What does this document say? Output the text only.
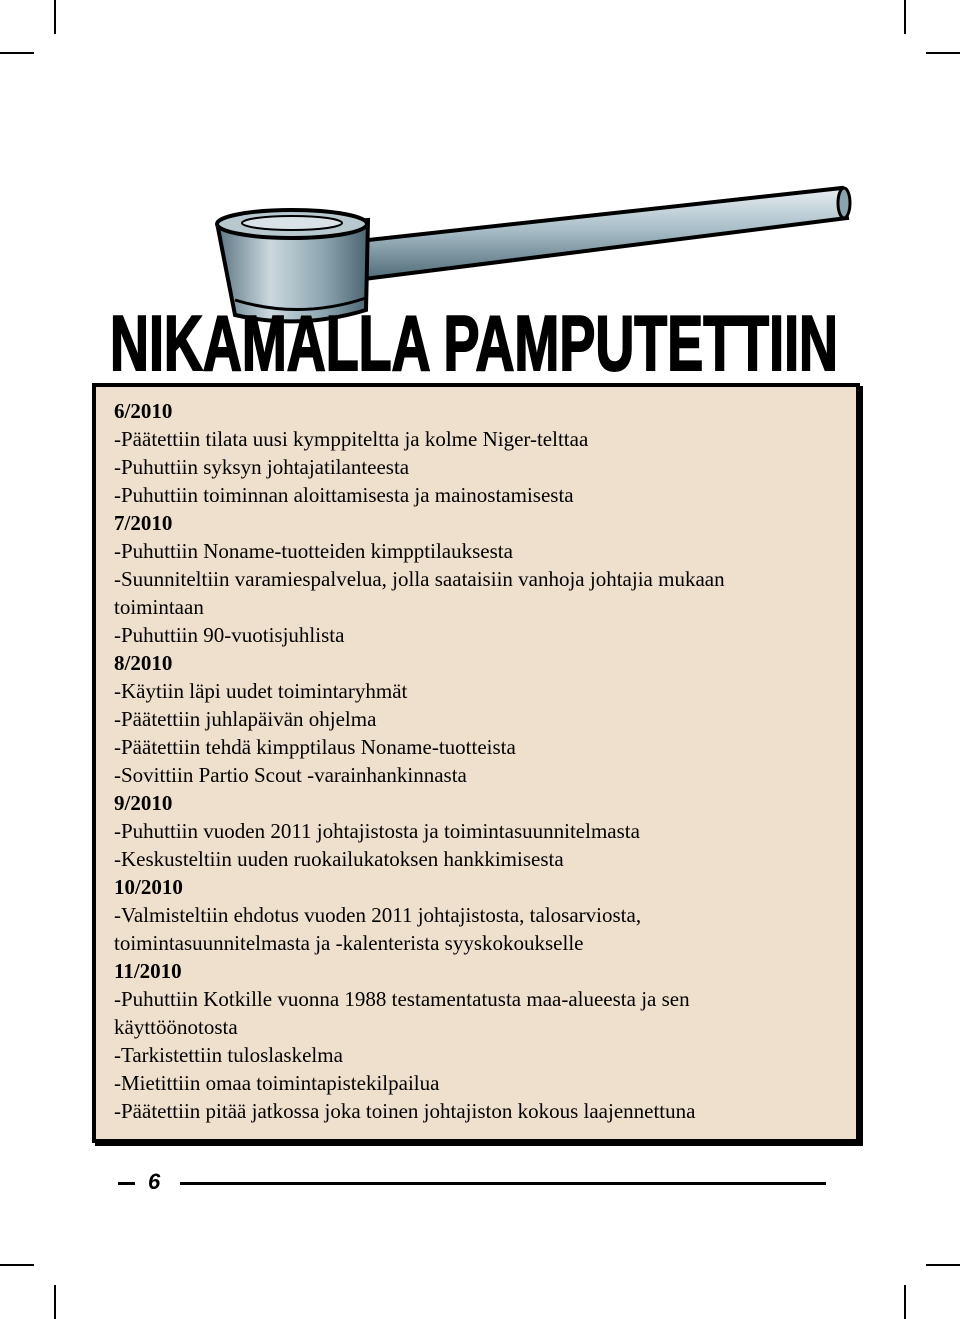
NIKAMALLA PAMPUTETTIIN
6/2010
-Päätettiin tilata uusi kymppiteltta ja kolme Niger-telttaa
-Puhuttiin syksyn johtajatilanteesta
-Puhuttiin toiminnan aloittamisesta ja mainostamisesta
7/2010
-Puhuttiin Noname-tuotteiden kimpptilauksesta
-Suunniteltiin varamiespalvelua, jolla saataisiin vanhoja johtajia mukaan
toimintaan
-Puhuttiin 90-vuotisjuhlista
8/2010
-Käytiin läpi uudet toimintaryhmät
-Päätettiin juhlapäivän ohjelma
-Päätettiin tehdä kimpptilaus Noname-tuotteista
-Sovittiin Partio Scout -varainhankinnasta
9/2010
-Puhuttiin vuoden 2011 johtajistosta ja toimintasuunnitelmasta
-Keskusteltiin uuden ruokailukatoksen hankkimisesta
10/2010
-Valmisteltiin ehdotus vuoden 2011 johtajistosta, talosarviosta,
toimintasuunnitelmasta ja -kalenterista syyskokoukselle
11/2010
-Puhuttiin Kotkille vuonna 1988 testamentatusta maa-alueesta ja sen
käyttöönotosta
-Tarkistettiin tuloslaskelma
-Mietittiin omaa toimintapistekilpailua
-Päätettiin pitää jatkossa joka toinen johtajiston kokous laajennettuna
6
